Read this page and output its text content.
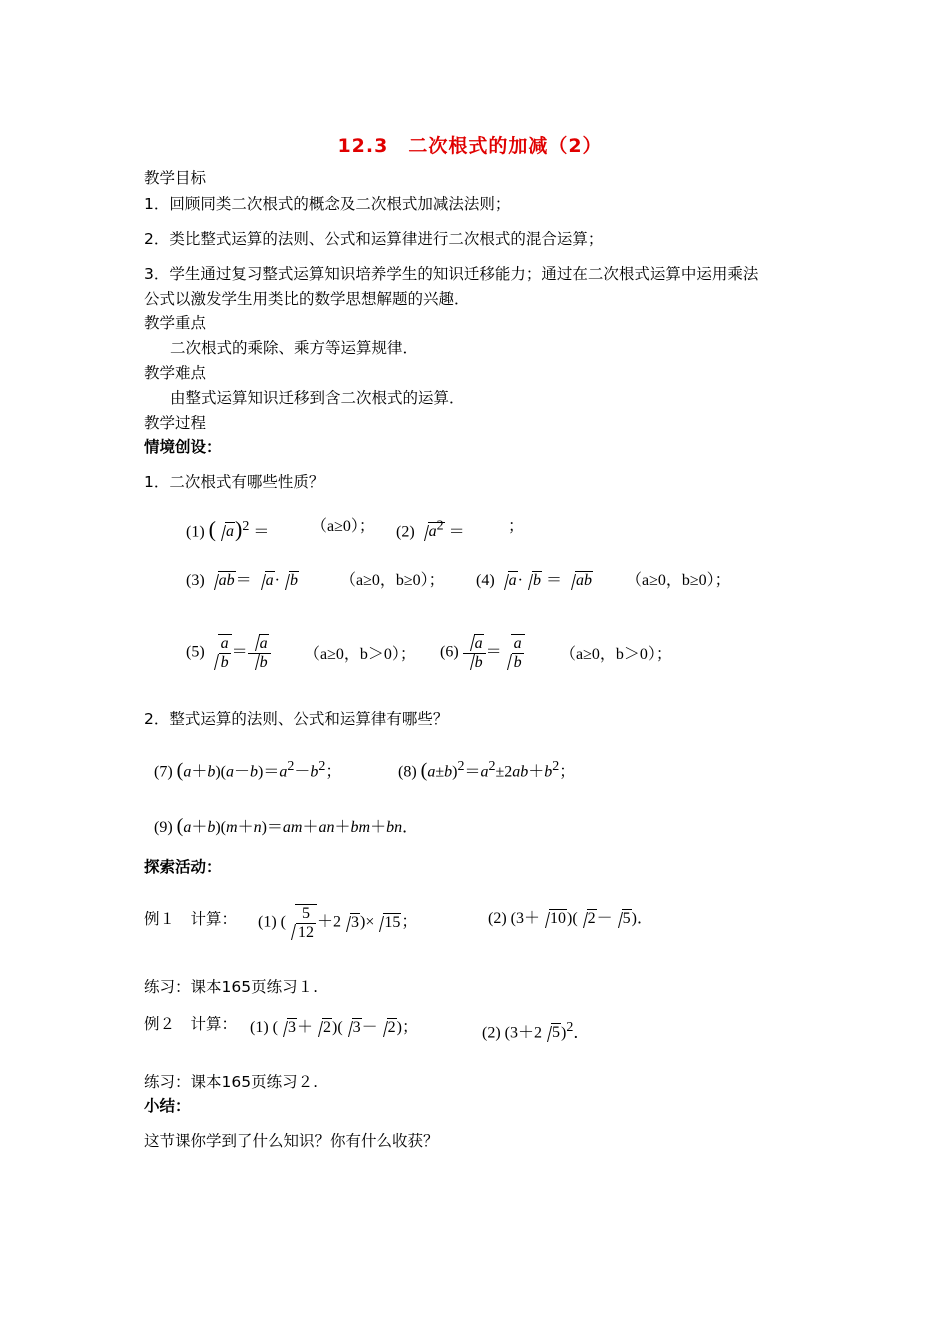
12.3　二次根式的加减（2）
教学目标
1．回顾同类二次根式的概念及二次根式加减法法则；
2．类比整式运算的法则、公式和运算律进行二次根式的混合运算；
3．学生通过复习整式运算知识培养学生的知识迁移能力；通过在二次根式运算中运用乘法
公式以激发学生用类比的数学思想解题的兴趣．
教学重点
二次根式的乘除、乘方等运算规律．
教学难点
由整式运算知识迁移到含二次根式的运算．
教学过程
情境创设：
1．二次根式有哪些性质？
(1) ( a)$^2$ ＝	（a≥0）； (2) $a^2$ ＝	；
(3) ab＝ a· b	（a≥0，b≥0）； (4) a· b ＝ ab （a≥0，b≥0）；
$(5) \frac{a}{b} = \frac{a}{b} (a\ge 0$，b＞0）； $(6) \frac{a}{b} = \frac{a}{b} (a\ge 0$，b＞0）；
2．整式运算的法则、公式和运算律有哪些？
(7) $(a+b)(a-b)=a^2-b^2$；	(8) $(a\pm b)^2=a^2\pm 2ab+b^2$；
(9) (a＋b)(m＋n)＝am＋an＋bm＋bn．
探索活动：
例１　计算： (1) ( $\frac{5}{12} +2$ 3)× 15；	(2) (3＋ 10)( 2－ 5)．
练习：课本165页练习１.
例２　计算： (1) ( 3＋ 2)( 3－ 2)；	(2) (3＋2 5)$^2$．
练习：课本165页练习２.
小结：
这节课你学到了什么知识？你有什么收获？
